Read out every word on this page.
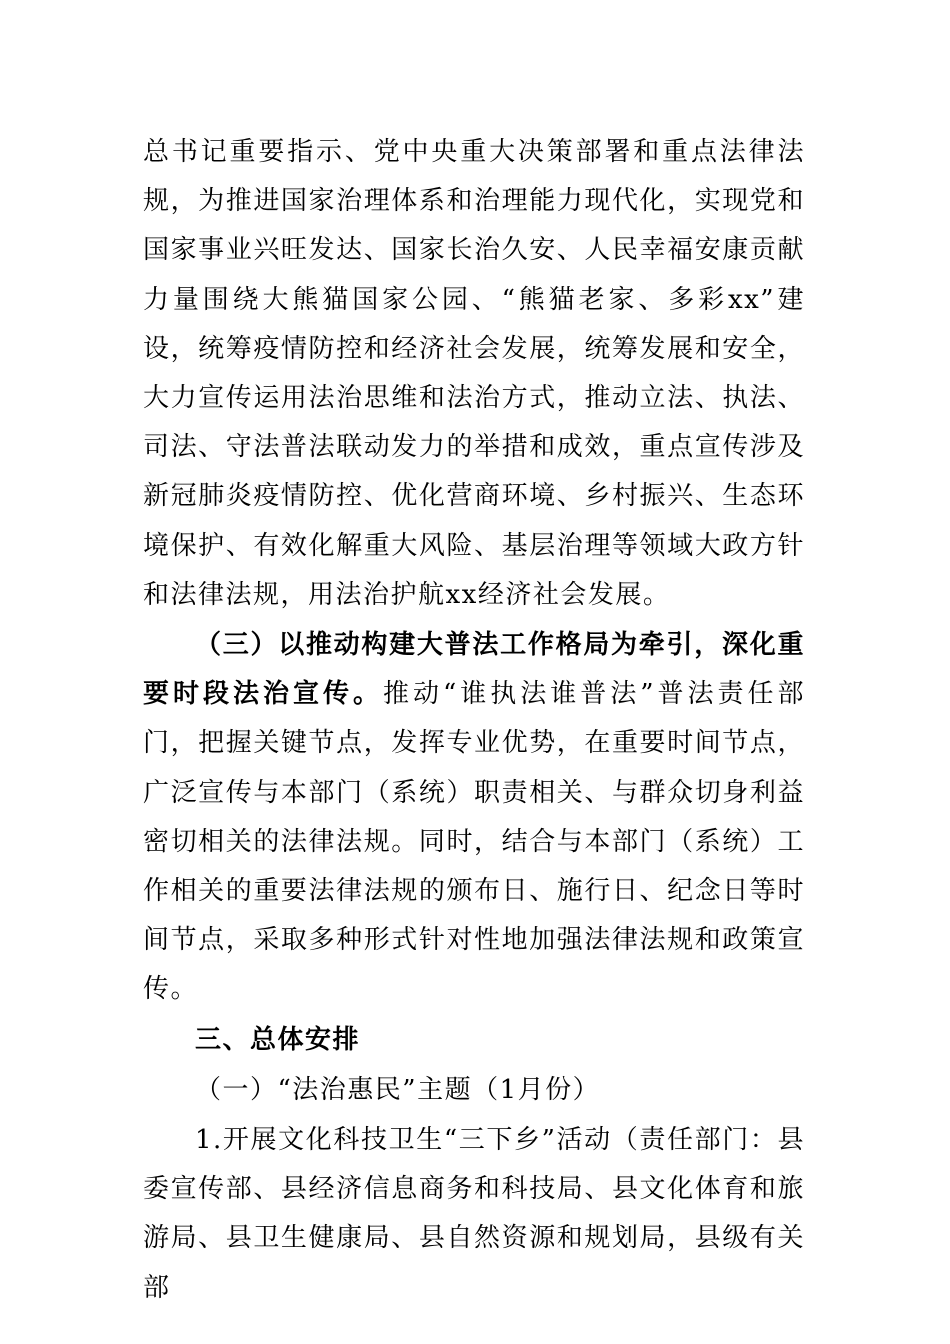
总书记重要指示、党中央重大决策部署和重点法律法规，为推进国家治理体系和治理能力现代化，实现党和国家事业兴旺发达、国家长治久安、人民幸福安康贡献力量围绕大熊猫国家公园、“熊猫老家、多彩xx”建设，统筹疫情防控和经济社会发展，统筹发展和安全，大力宣传运用法治思维和法治方式，推动立法、执法、司法、守法普法联动发力的举措和成效，重点宣传涉及新冠肺炎疫情防控、优化营商环境、乡村振兴、生态环境保护、有效化解重大风险、基层治理等领域大政方针和法律法规，用法治护航xx经济社会发展。

（三）以推动构建大普法工作格局为牵引，深化重要时段法治宣传。推动“谁执法谁普法”普法责任部门，把握关键节点，发挥专业优势，在重要时间节点，广泛宣传与本部门（系统）职责相关、与群众切身利益密切相关的法律法规。同时，结合与本部门（系统）工作相关的重要法律法规的颁布日、施行日、纪念日等时间节点，采取多种形式针对性地加强法律法规和政策宣传。

三、总体安排

（一）“法治惠民”主题（1月份）

1.开展文化科技卫生“三下乡”活动（责任部门：县委宣传部、县经济信息商务和科技局、县文化体育和旅游局、县卫生健康局、县自然资源和规划局，县级有关部
